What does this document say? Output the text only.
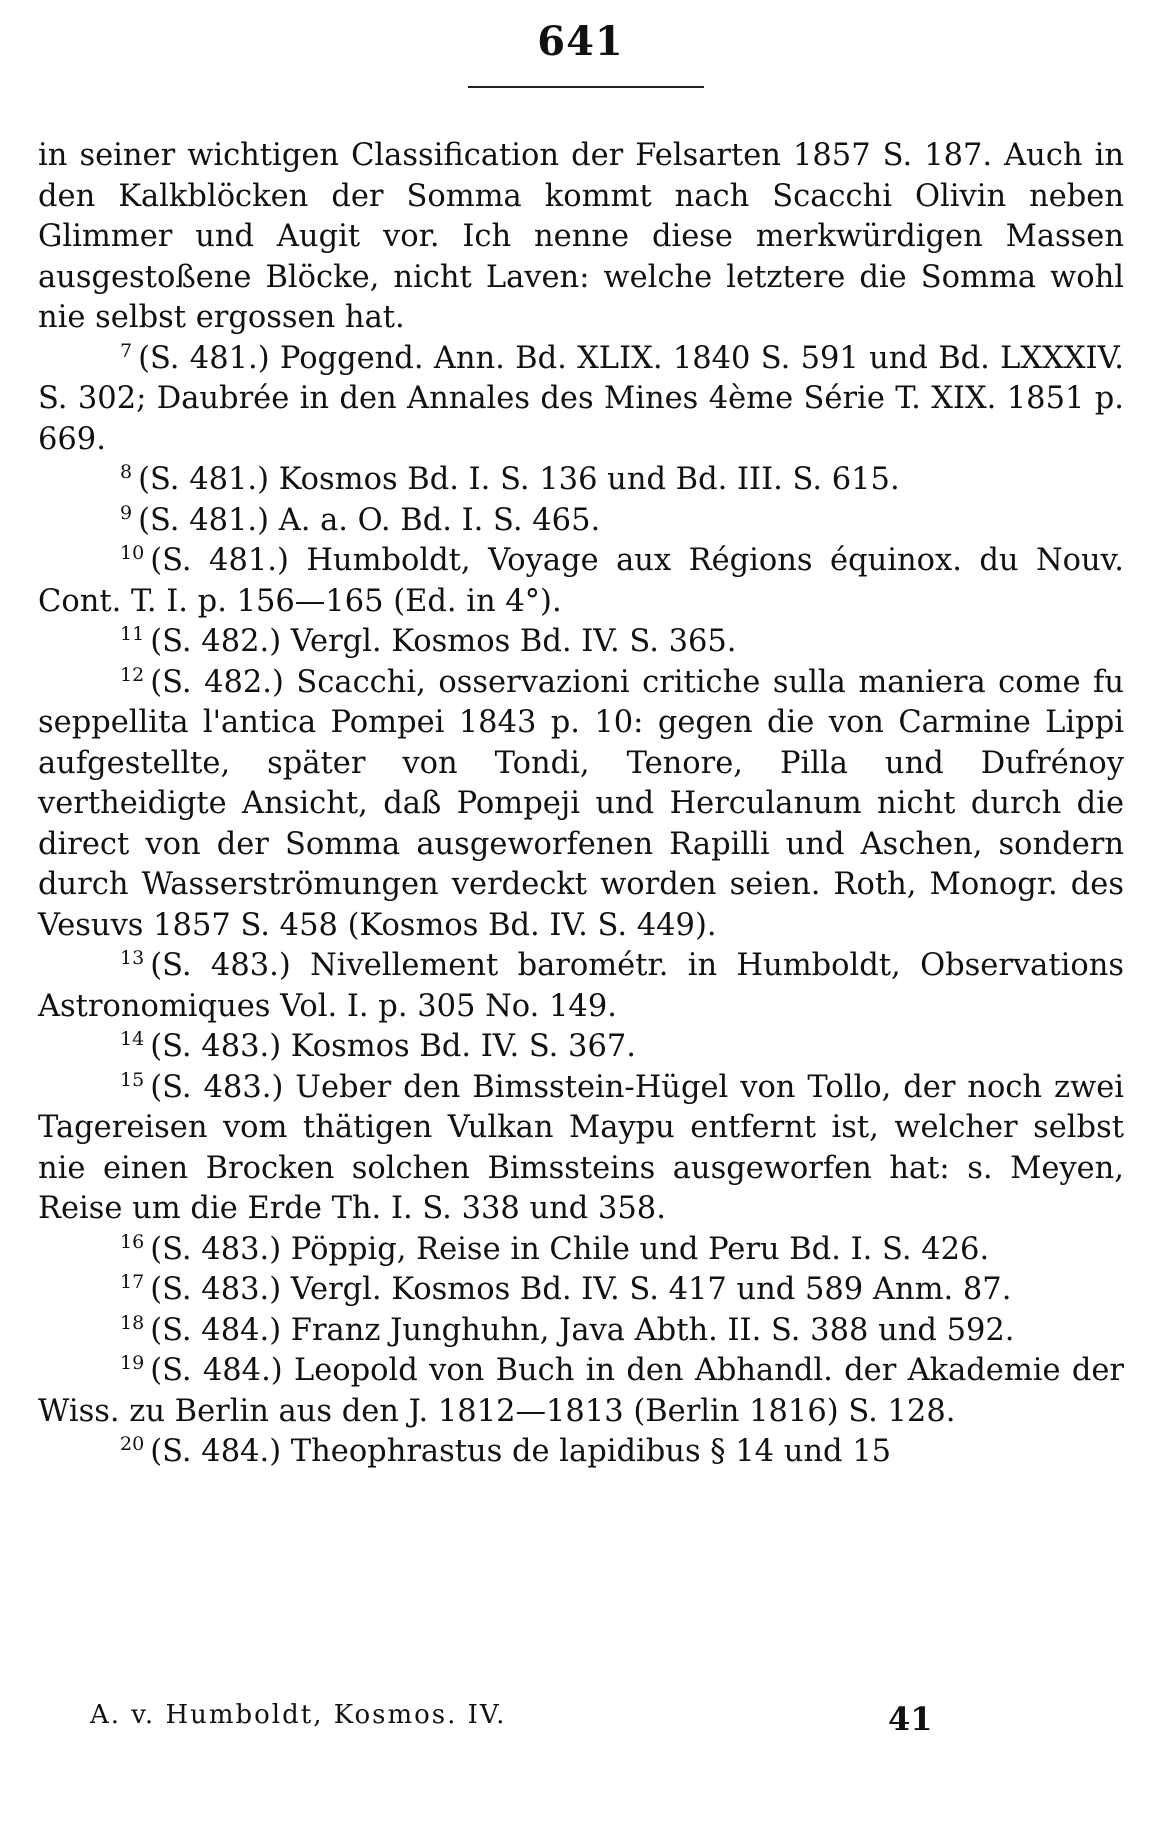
641

in seiner wichtigen Classification der Felsarten 1857 S. 187. Auch in den Kalkblöcken der Somma kommt nach Scacchi Olivin neben Glimmer und Augit vor. Ich nenne diese merkwürdigen Massen ausgestoßene Blöcke, nicht Laven: welche letztere die Somma wohl nie selbst ergossen hat.

$^7$ (S. 481.) Poggend. Ann. Bd. XLIX. 1840 S. 591 und Bd. LXXXIV. S. 302; Daubrée in den Annales des Mines 4ème Série T. XIX. 1851 p. 669.

$^8$ (S. 481.) Kosmos Bd. I. S. 136 und Bd. III. S. 615.

$^9$ (S. 481.) A. a. O. Bd. I. S. 465.

$^{10}$ (S. 481.) Humboldt, Voyage aux Régions équinox. du Nouv. Cont. T. I. p. 156—165 (Ed. in 4°).

$^{11}$ (S. 482.) Vergl. Kosmos Bd. IV. S. 365.

$^{12}$ (S. 482.) Scacchi, osservazioni critiche sulla maniera come fu seppellita l'antica Pompei 1843 p. 10: gegen die von Carmine Lippi aufgestellte, später von Tondi, Tenore, Pilla und Dufrénoy vertheidigte Ansicht, daß Pompeji und Herculanum nicht durch die direct von der Somma ausgeworfenen Rapilli und Aschen, sondern durch Wasserströmungen verdeckt worden seien. Roth, Monogr. des Vesuvs 1857 S. 458 (Kosmos Bd. IV. S. 449).

$^{13}$ (S. 483.) Nivellement barométr. in Humboldt, Observations Astronomiques Vol. I. p. 305 No. 149.

$^{14}$ (S. 483.) Kosmos Bd. IV. S. 367.

$^{15}$ (S. 483.) Ueber den Bimsstein-Hügel von Tollo, der noch zwei Tagereisen vom thätigen Vulkan Maypu entfernt ist, welcher selbst nie einen Brocken solchen Bimssteins ausgeworfen hat: s. Meyen, Reise um die Erde Th. I. S. 338 und 358.

$^{16}$ (S. 483.) Pöppig, Reise in Chile und Peru Bd. I. S. 426.

$^{17}$ (S. 483.) Vergl. Kosmos Bd. IV. S. 417 und 589 Anm. 87.

$^{18}$ (S. 484.) Franz Junghuhn, Java Abth. II. S. 388 und 592.

$^{19}$ (S. 484.) Leopold von Buch in den Abhandl. der Akademie der Wiss. zu Berlin aus den J. 1812—1813 (Berlin 1816) S. 128.

$^{20}$ (S. 484.) Theophrastus de lapidibus § 14 und 15

A. v. Humboldt, Kosmos. IV.	41
